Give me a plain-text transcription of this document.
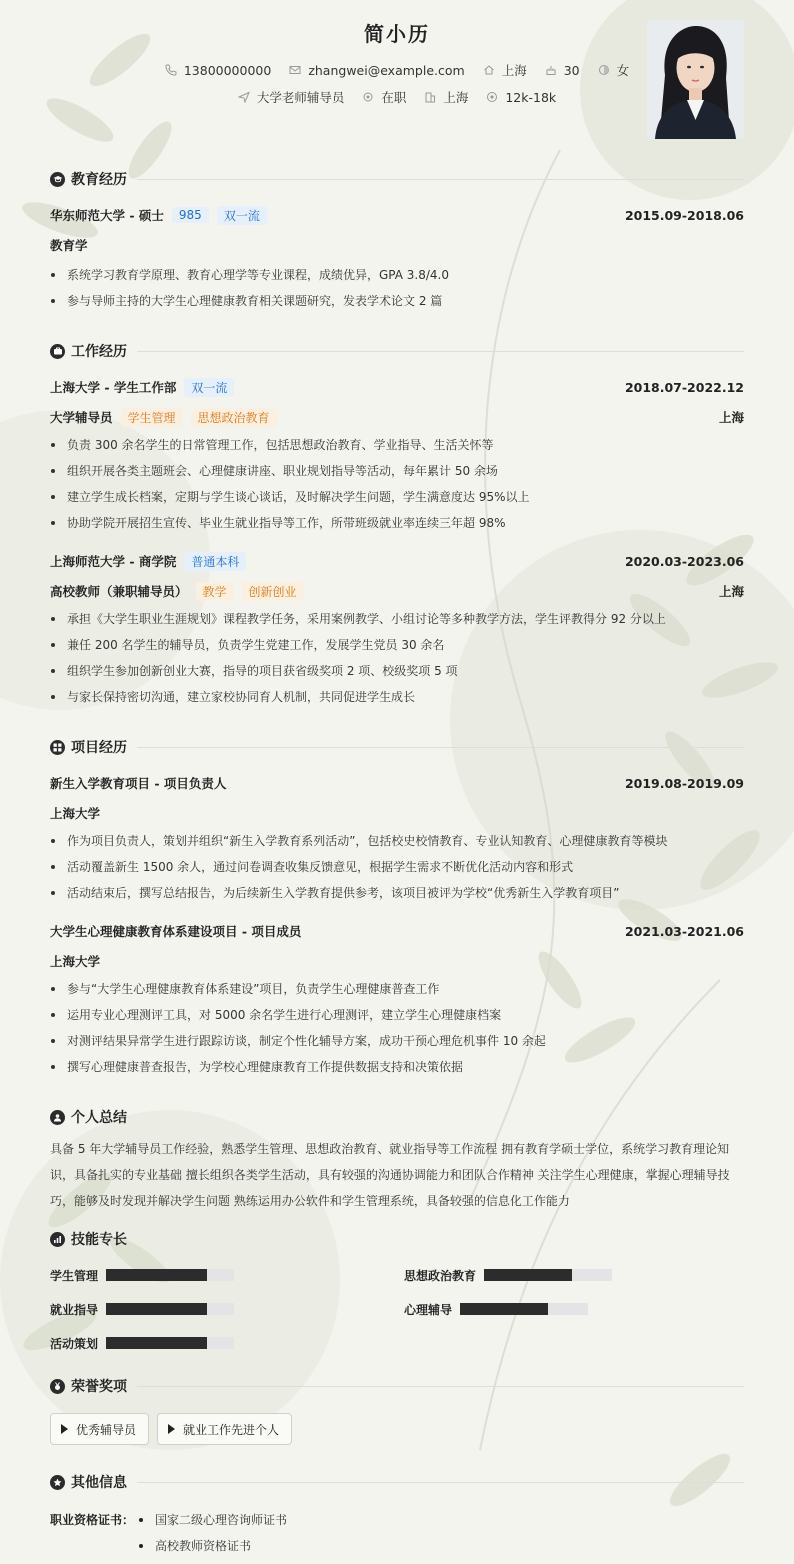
简小历
13800000000	zhangwei@example.com	上海	30	女
大学老师辅导员	在职	上海	12k-18k
教育经历
华东师范大学 - 硕士	985	双一流	2015.09-2018.06
教育学
系统学习教育学原理、教育心理学等专业课程，成绩优异，GPA 3.8/4.0
参与导师主持的大学生心理健康教育相关课题研究，发表学术论文 2 篇
工作经历
上海大学 - 学生工作部	双一流	2018.07-2022.12
大学辅导员	学生管理	思想政治教育	上海
负责 300 余名学生的日常管理工作，包括思想政治教育、学业指导、生活关怀等
组织开展各类主题班会、心理健康讲座、职业规划指导等活动，每年累计 50 余场
建立学生成长档案，定期与学生谈心谈话，及时解决学生问题，学生满意度达 95%以上
协助学院开展招生宣传、毕业生就业指导等工作，所带班级就业率连续三年超 98%
上海师范大学 - 商学院	普通本科	2020.03-2023.06
高校教师（兼职辅导员）	教学	创新创业	上海
承担《大学生职业生涯规划》课程教学任务，采用案例教学、小组讨论等多种教学方法，学生评教得分 92 分以上
兼任 200 名学生的辅导员，负责学生党建工作，发展学生党员 30 余名
组织学生参加创新创业大赛，指导的项目获省级奖项 2 项、校级奖项 5 项
与家长保持密切沟通，建立家校协同育人机制，共同促进学生成长
项目经历
新生入学教育项目 - 项目负责人	2019.08-2019.09
上海大学
作为项目负责人，策划并组织“新生入学教育系列活动”，包括校史校情教育、专业认知教育、心理健康教育等模块
活动覆盖新生 1500 余人，通过问卷调查收集反馈意见，根据学生需求不断优化活动内容和形式
活动结束后，撰写总结报告，为后续新生入学教育提供参考，该项目被评为学校“优秀新生入学教育项目”
大学生心理健康教育体系建设项目 - 项目成员	2021.03-2021.06
上海大学
参与“大学生心理健康教育体系建设”项目，负责学生心理健康普查工作
运用专业心理测评工具，对 5000 余名学生进行心理测评，建立学生心理健康档案
对测评结果异常学生进行跟踪访谈，制定个性化辅导方案，成功干预心理危机事件 10 余起
撰写心理健康普查报告，为学校心理健康教育工作提供数据支持和决策依据
个人总结
具备 5 年大学辅导员工作经验，熟悉学生管理、思想政治教育、就业指导等工作流程 拥有教育学硕士学位，系统学习教育理论知
识，具备扎实的专业基础 擅长组织各类学生活动，具有较强的沟通协调能力和团队合作精神 关注学生心理健康，掌握心理辅导技
巧，能够及时发现并解决学生问题 熟练运用办公软件和学生管理系统，具备较强的信息化工作能力
技能专长
学生管理	思想政治教育
就业指导	心理辅导
活动策划
荣誉奖项
优秀辅导员	就业工作先进个人
其他信息
职业资格证书：	国家二级心理咨询师证书
高校教师资格证书
